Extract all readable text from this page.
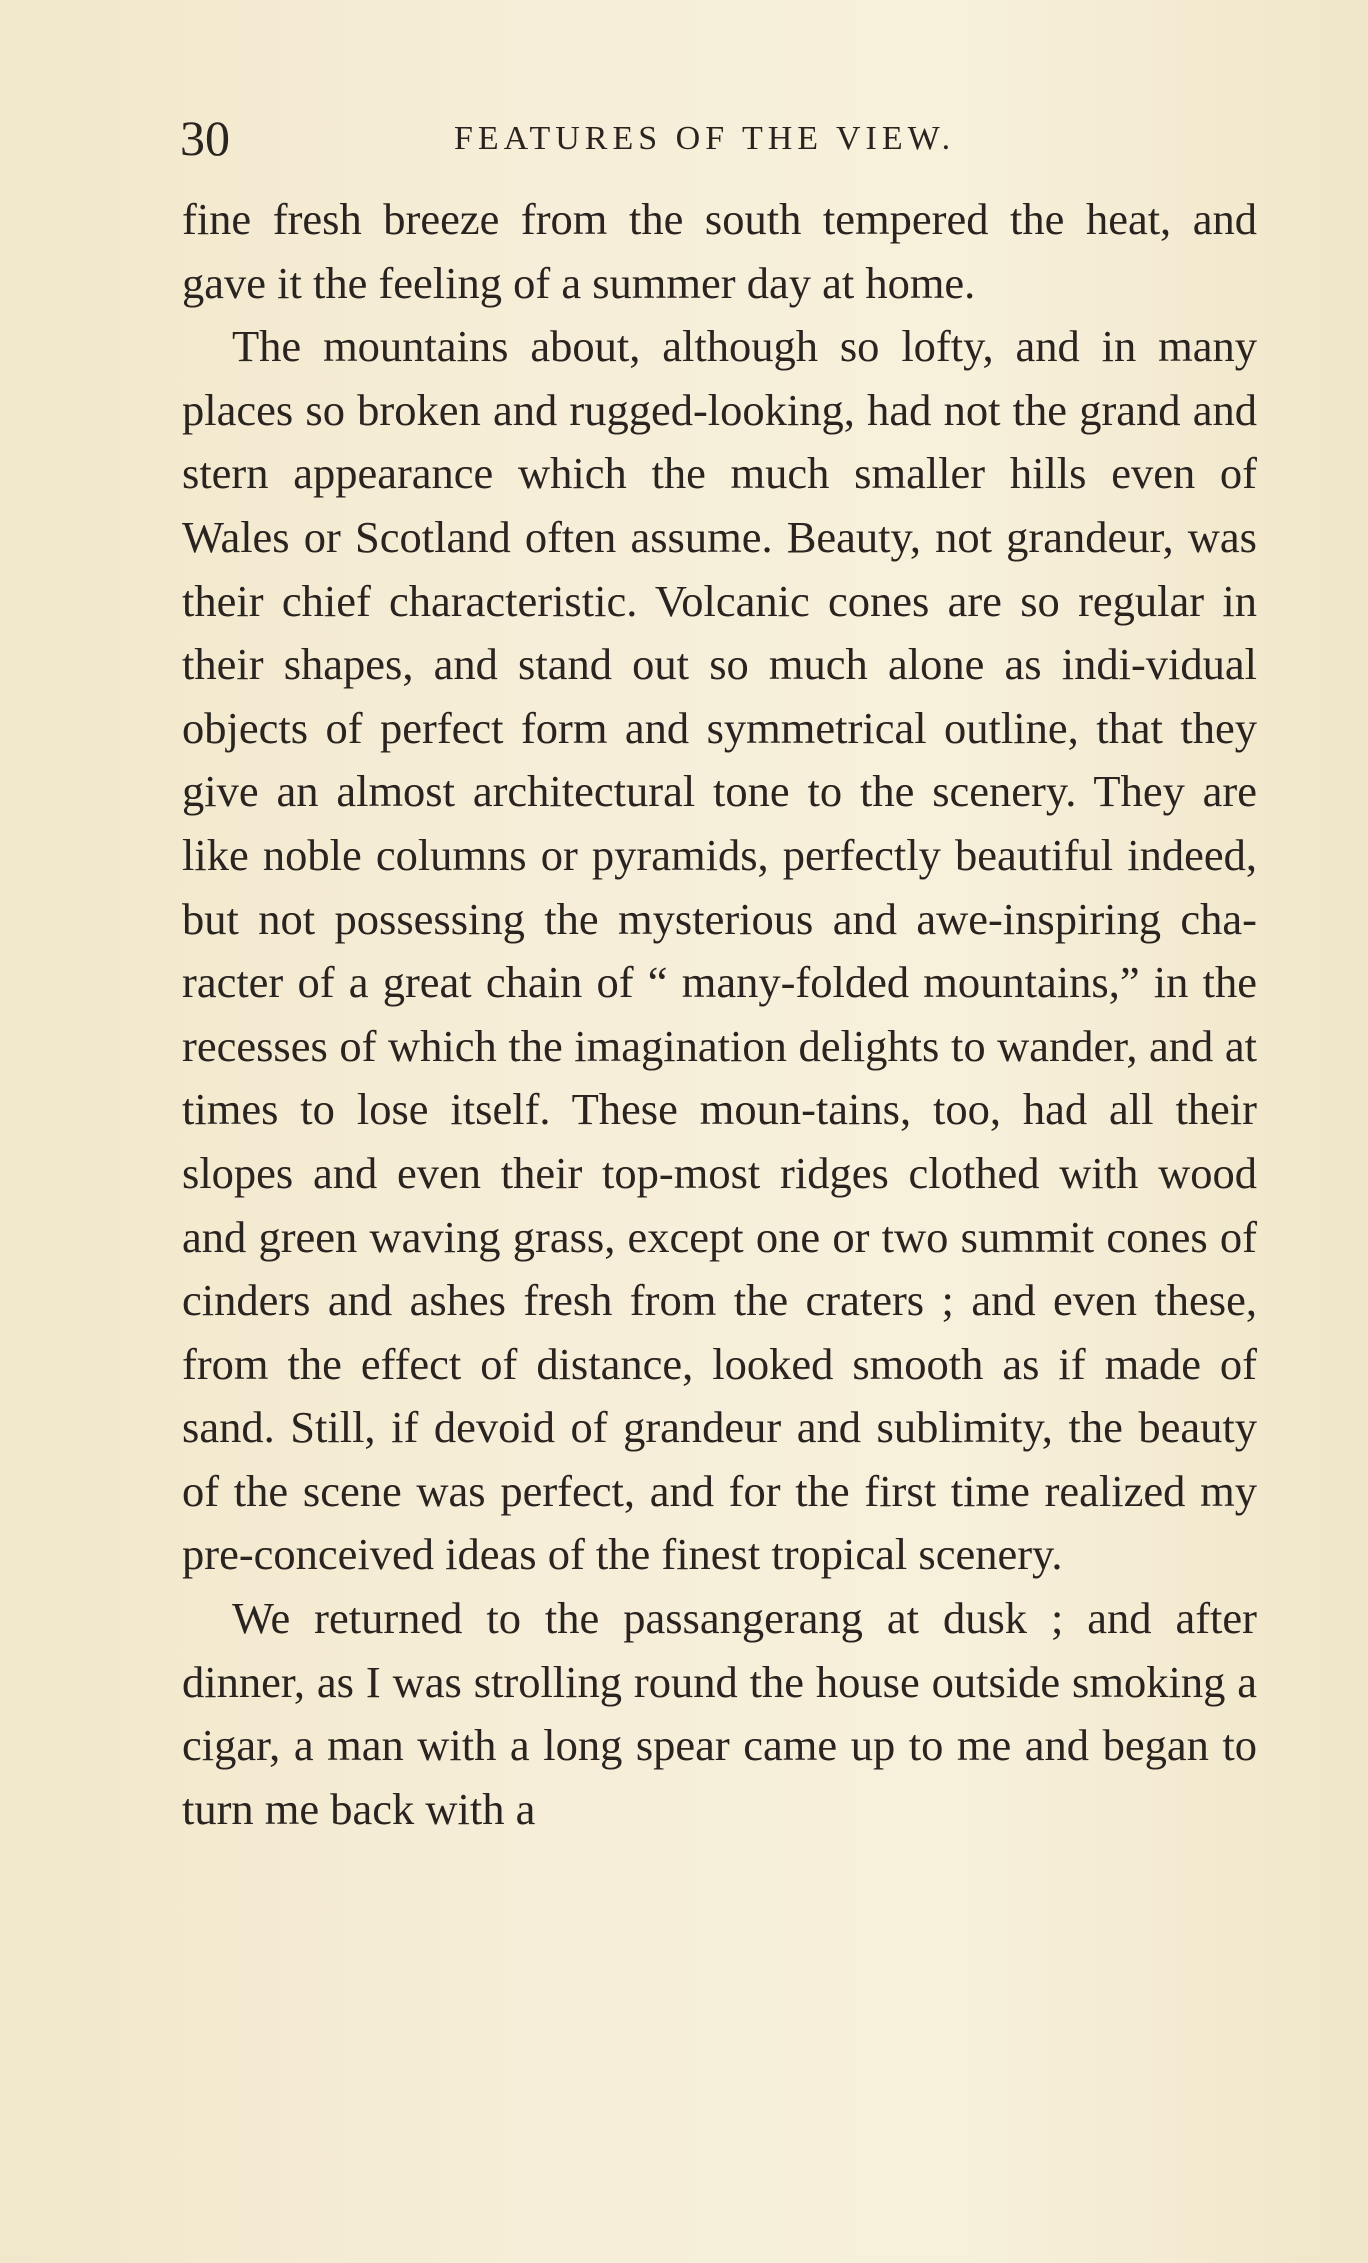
30	FEATURES OF THE VIEW.

fine fresh breeze from the south tempered the heat, and gave it the feeling of a summer day at home.

The mountains about, although so lofty, and in many places so broken and rugged-looking, had not the grand and stern appearance which the much smaller hills even of Wales or Scotland often assume. Beauty, not grandeur, was their chief characteristic. Volcanic cones are so regular in their shapes, and stand out so much alone as indi-vidual objects of perfect form and symmetrical outline, that they give an almost architectural tone to the scenery. They are like noble columns or pyramids, perfectly beautiful indeed, but not possessing the mysterious and awe-inspiring cha-racter of a great chain of “ many-folded mountains,” in the recesses of which the imagination delights to wander, and at times to lose itself. These moun-tains, too, had all their slopes and even their top-most ridges clothed with wood and green waving grass, except one or two summit cones of cinders and ashes fresh from the craters ; and even these, from the effect of distance, looked smooth as if made of sand. Still, if devoid of grandeur and sublimity, the beauty of the scene was perfect, and for the first time realized my pre-conceived ideas of the finest tropical scenery.

We returned to the passangerang at dusk ; and after dinner, as I was strolling round the house outside smoking a cigar, a man with a long spear came up to me and began to turn me back with a
